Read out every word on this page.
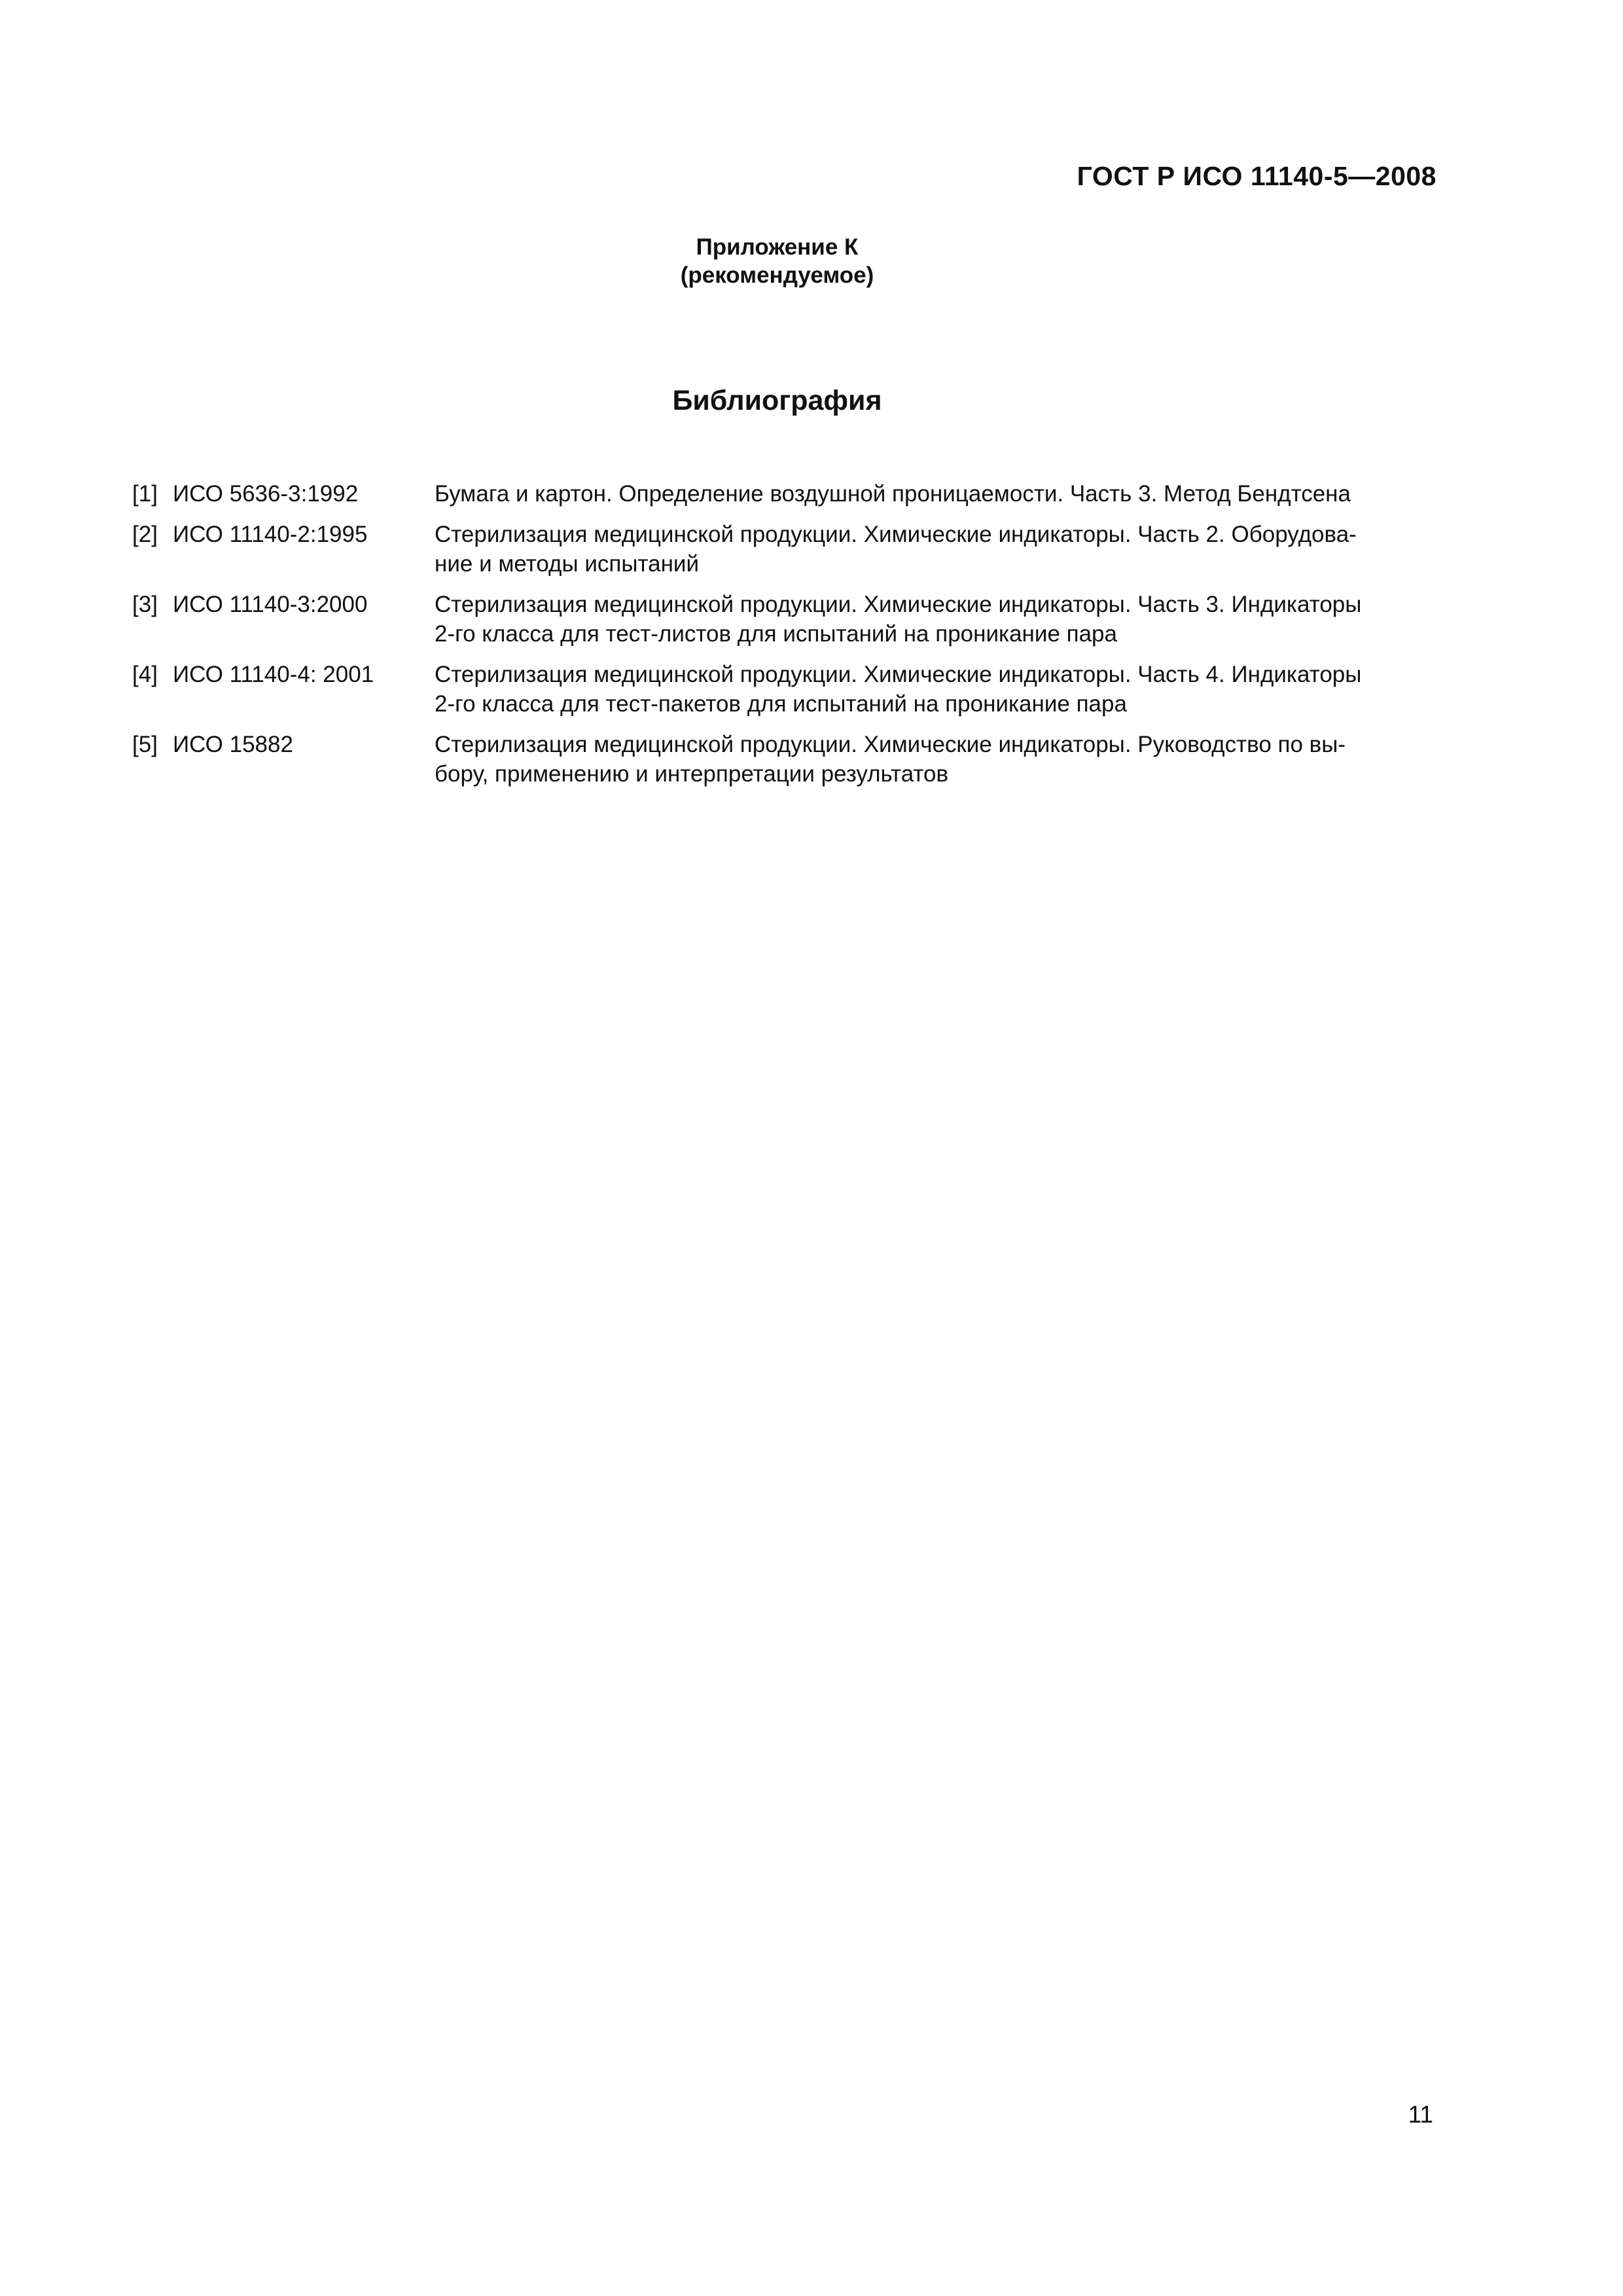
ГОСТ Р ИСО 11140-5—2008
Приложение К
(рекомендуемое)
Библиография
[1] ИСО 5636-3:1992	Бумага и картон. Определение воздушной проницаемости. Часть 3. Метод Бендтсена
[2] ИСО 11140-2:1995	Стерилизация медицинской продукции. Химические индикаторы. Часть 2. Оборудова-
ние и методы испытаний
[3] ИСО 11140-3:2000	Стерилизация медицинской продукции. Химические индикаторы. Часть 3. Индикаторы
2-го класса для тест-листов для испытаний на проникание пара
[4] ИСО 11140-4: 2001	Стерилизация медицинской продукции. Химические индикаторы. Часть 4. Индикаторы
2-го класса для тест-пакетов для испытаний на проникание пара
[5] ИСО 15882	Стерилизация медицинской продукции. Химические индикаторы. Руководство по вы-
бору, применению и интерпретации результатов
11
